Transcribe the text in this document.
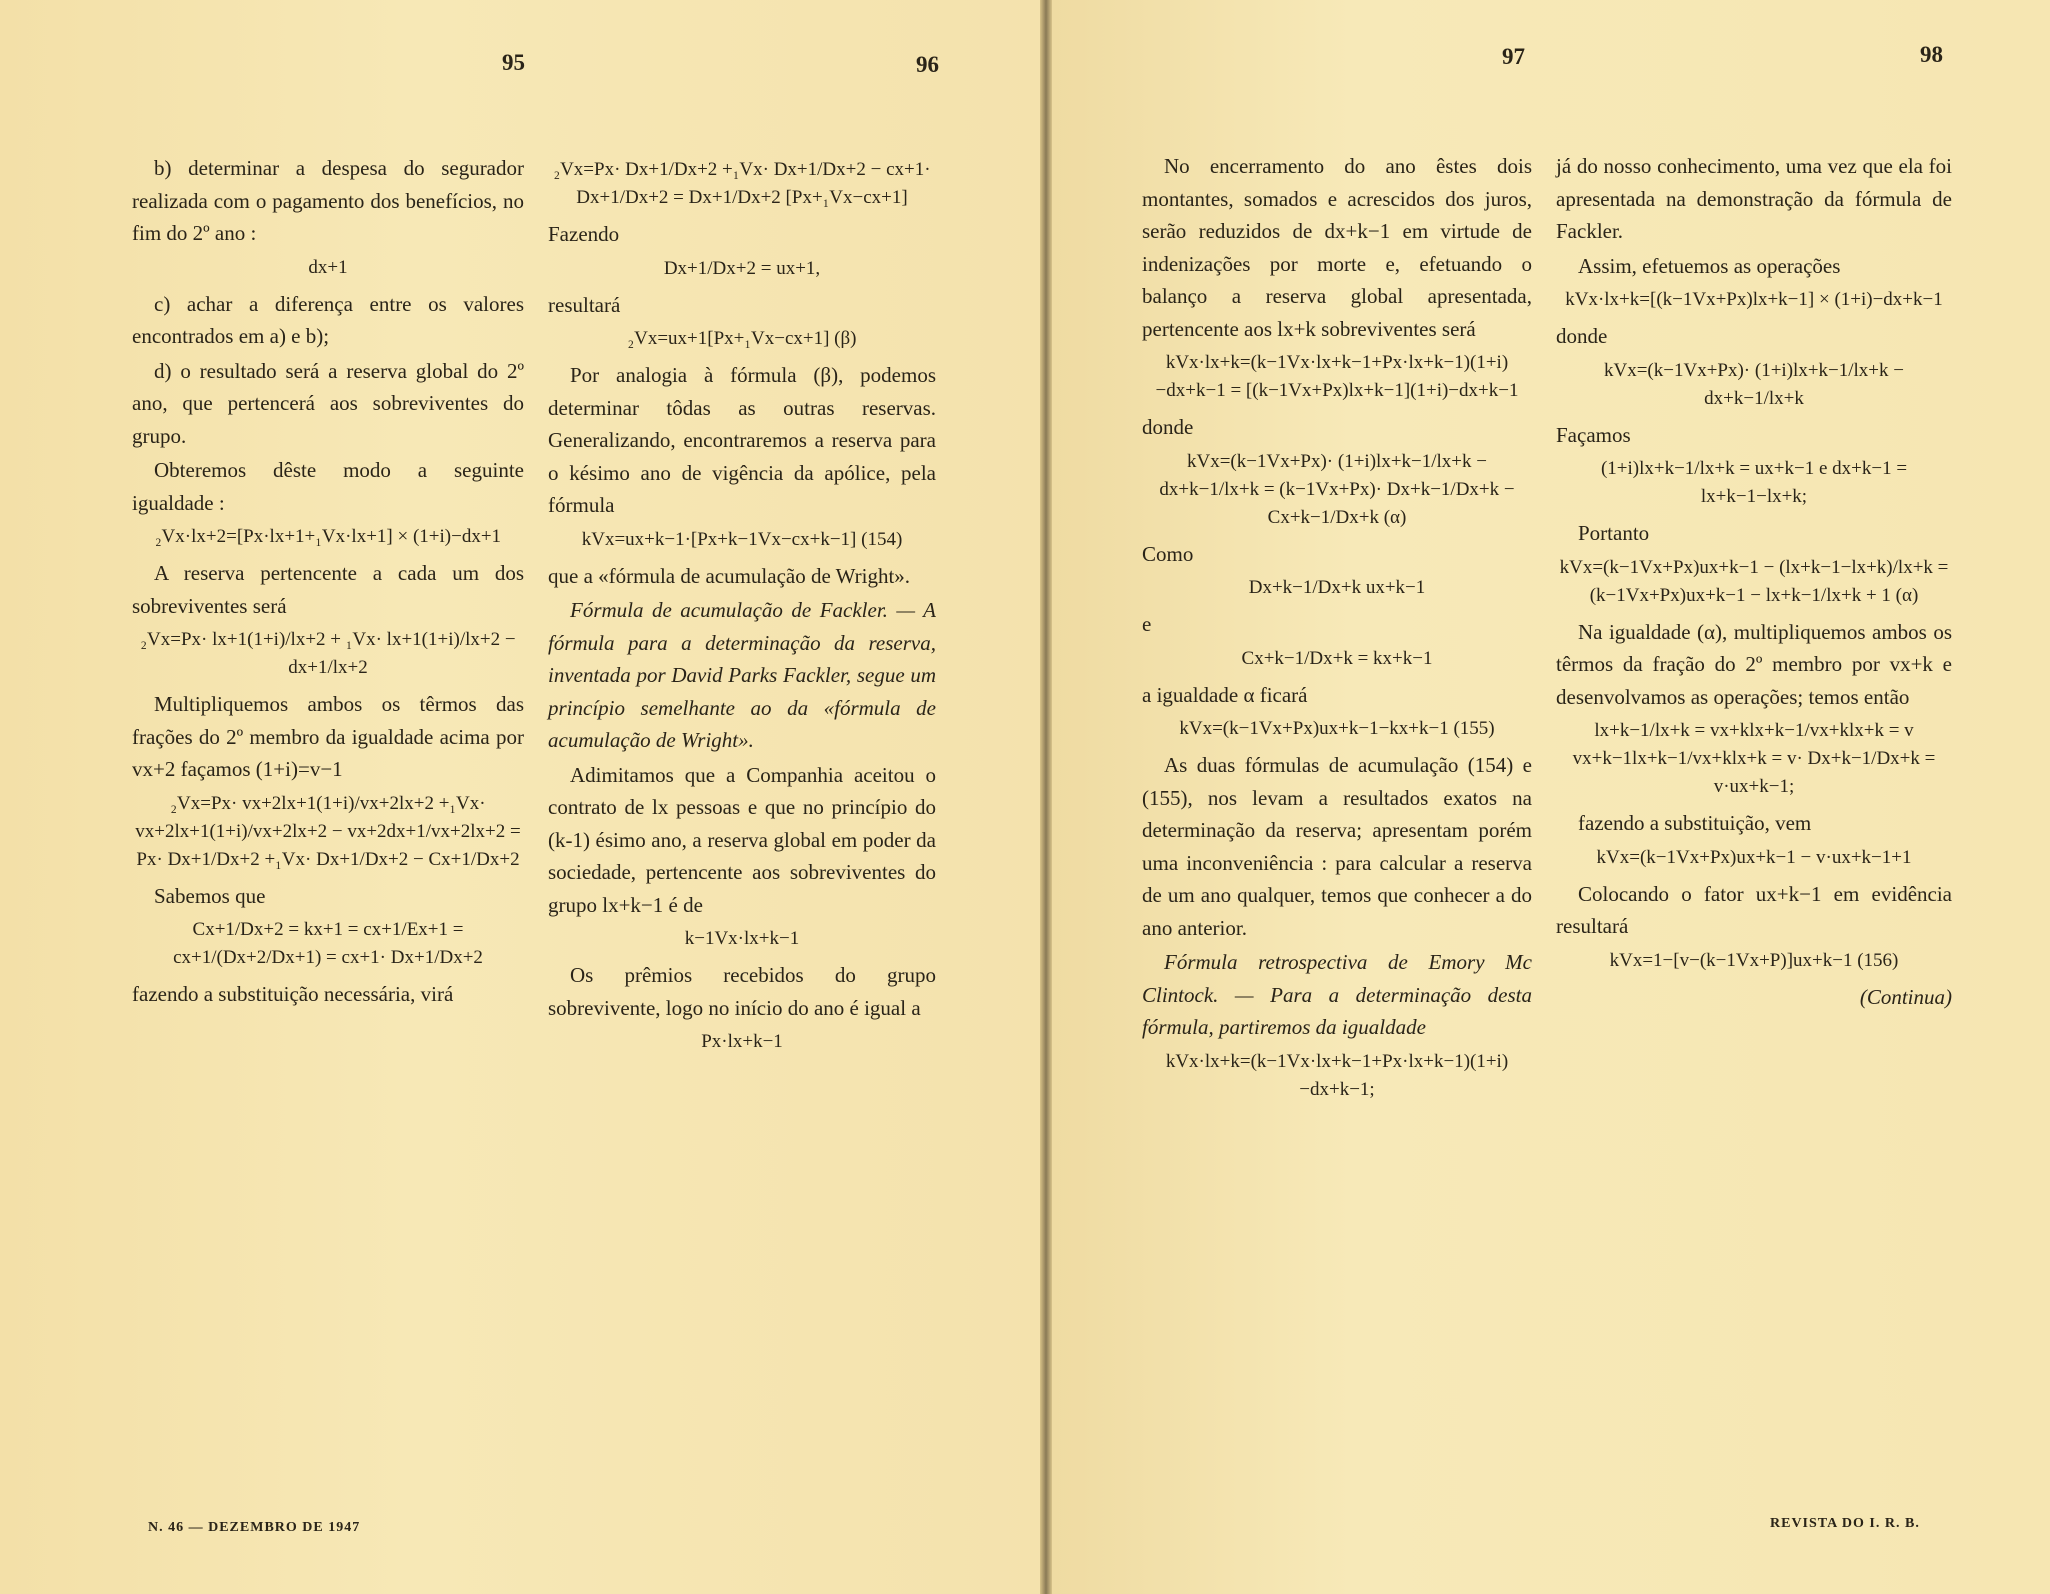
95	96

b) determinar a despesa do segurador realizada com o pagamento dos benefícios, no fim do 2º ano :

dx+1

c) achar a diferença entre os valores encontrados em a) e b);

d) o resultado será a reserva global do 2º ano, que pertencerá aos sobreviventes do grupo.

Obteremos dêste modo a seguinte igualdade :

₂Vx·lx+2=[Px·lx+1+₁Vx·lx+1] × (1+i)−dx+1

A reserva pertencente a cada um dos sobreviventes será

₂Vx=Px· lx+1(1+i)/lx+2 + ₁Vx· lx+1(1+i)/lx+2 − dx+1/lx+2

Multipliquemos ambos os têrmos das frações do 2º membro da igualdade acima por vx+2 façamos (1+i)=v−1

₂Vx=Px· vx+2lx+1(1+i)/vx+2lx+2 +₁Vx· vx+2lx+1(1+i)/vx+2lx+2 − vx+2dx+1/vx+2lx+2 = Px· Dx+1/Dx+2 +₁Vx· Dx+1/Dx+2 − Cx+1/Dx+2

Sabemos que

Cx+1/Dx+2 = kx+1 = cx+1/Ex+1 = cx+1/(Dx+2/Dx+1) = cx+1· Dx+1/Dx+2

fazendo a substituição necessária, virá

₂Vx=Px· Dx+1/Dx+2 +₁Vx· Dx+1/Dx+2 − cx+1· Dx+1/Dx+2 = Dx+1/Dx+2 [Px+₁Vx−cx+1]

Fazendo

Dx+1/Dx+2 = ux+1,

resultará

₂Vx=ux+1[Px+₁Vx−cx+1] (β)

Por analogia à fórmula (β), podemos determinar tôdas as outras reservas. Generalizando, encontraremos a reserva para o késimo ano de vigência da apólice, pela fórmula

kVx=ux+k−1·[Px+k−1Vx−cx+k−1] (154)

que a «fórmula de acumulação de Wright».

Fórmula de acumulação de Fackler. — A fórmula para a determinação da reserva, inventada por David Parks Fackler, segue um princípio semelhante ao da «fórmula de acumulação de Wright».

Adimitamos que a Companhia aceitou o contrato de lx pessoas e que no princípio do (k-1) ésimo ano, a reserva global em poder da sociedade, pertencente aos sobreviventes do grupo lx+k−1 é de

k−1Vx·lx+k−1

Os prêmios recebidos do grupo sobrevivente, logo no início do ano é igual a

Px·lx+k−1
N. 46 — DEZEMBRO DE 1947
97	98

No encerramento do ano êstes dois montantes, somados e acrescidos dos juros, serão reduzidos de dx+k−1 em virtude de indenizações por morte e, efetuando o balanço a reserva global apresentada, pertencente aos lx+k sobreviventes será

kVx·lx+k=(k−1Vx·lx+k−1+Px·lx+k−1)(1+i)−dx+k−1 = [(k−1Vx+Px)lx+k−1](1+i)−dx+k−1

donde

kVx=(k−1Vx+Px)· (1+i)lx+k−1/lx+k − dx+k−1/lx+k = (k−1Vx+Px)· Dx+k−1/Dx+k − Cx+k−1/Dx+k (α)

Como

Dx+k−1/Dx+k ux+k−1

e

Cx+k−1/Dx+k = kx+k−1

a igualdade α ficará

kVx=(k−1Vx+Px)ux+k−1−kx+k−1 (155)

As duas fórmulas de acumulação (154) e (155), nos levam a resultados exatos na determinação da reserva; apresentam porém uma inconveniência : para calcular a reserva de um ano qualquer, temos que conhecer a do ano anterior.

Fórmula retrospectiva de Emory Mc Clintock. — Para a determinação desta fórmula, partiremos da igualdade

kVx·lx+k=(k−1Vx·lx+k−1+Px·lx+k−1)(1+i)−dx+k−1;

já do nosso conhecimento, uma vez que ela foi apresentada na demonstração da fórmula de Fackler.

Assim, efetuemos as operações

kVx·lx+k=[(k−1Vx+Px)lx+k−1] × (1+i)−dx+k−1

donde

kVx=(k−1Vx+Px)· (1+i)lx+k−1/lx+k − dx+k−1/lx+k

Façamos

(1+i)lx+k−1/lx+k = ux+k−1 e dx+k−1 = lx+k−1−lx+k;

Portanto

kVx=(k−1Vx+Px)ux+k−1 − (lx+k−1−lx+k)/lx+k = (k−1Vx+Px)ux+k−1 − lx+k−1/lx+k + 1 (α)

Na igualdade (α), multipliquemos ambos os têrmos da fração do 2º membro por vx+k e desenvolvamos as operações; temos então

lx+k−1/lx+k = vx+klx+k−1/vx+klx+k = v vx+k−1lx+k−1/vx+klx+k = v· Dx+k−1/Dx+k = v·ux+k−1;

fazendo a substituição, vem

kVx=(k−1Vx+Px)ux+k−1 − v·ux+k−1+1

Colocando o fator ux+k−1 em evidência resultará

kVx=1−[v−(k−1Vx+P)]ux+k−1 (156)
(Continua)
REVISTA DO I. R. B.
